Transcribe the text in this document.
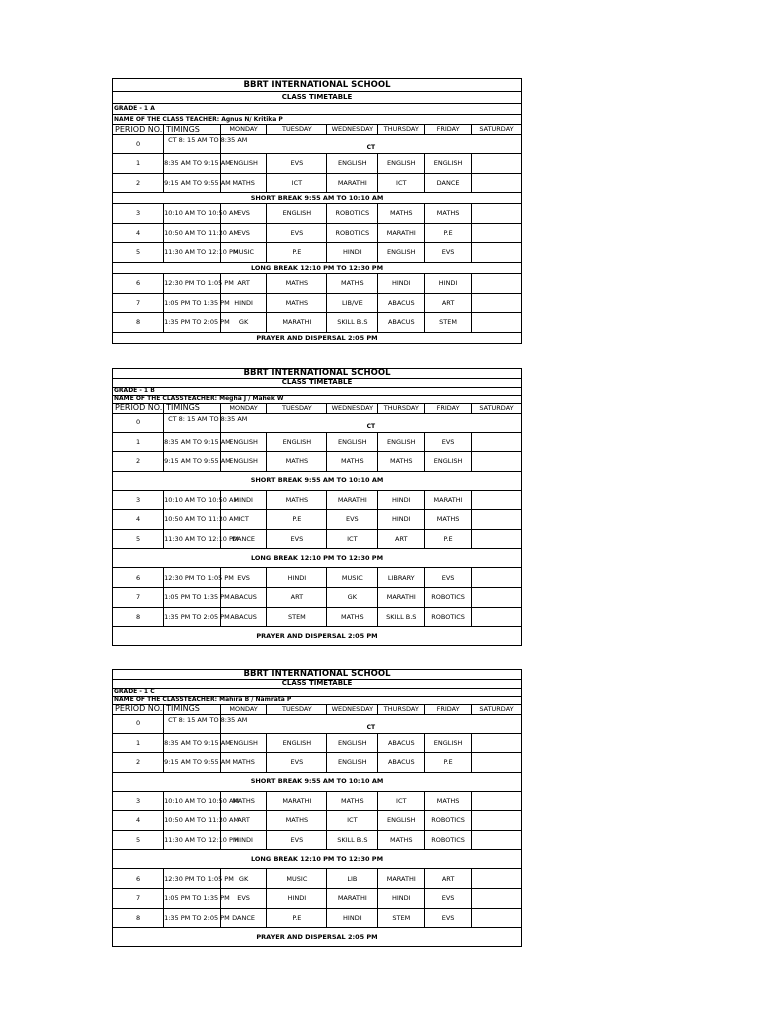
BBRT INTERNATIONAL SCHOOL							
CLASS TIMETABLE							
GRADE - 1 A							
NAME OF THE CLASS TEACHER: Agnus N/ Kritika P							
PERIOD NO.	TIMINGS	MONDAY	TUESDAY	WEDNESDAY	THURSDAY	FRIDAY	SATURDAY
0	CT 8: 15 AM TO 8:35 AM	CT					

1	8:35 AM TO 9:15 AM	ENGLISH	EVS	ENGLISH	ENGLISH	ENGLISH	
2	9:15 AM TO 9:55 AM	MATHS	ICT	MARATHI	ICT	DANCE	
SHORT BREAK 9:55 AM TO 10:10 AM							
3	10:10 AM TO 10:50 AM	EVS	ENGLISH	ROBOTICS	MATHS	MATHS	
4	10:50 AM TO 11:30 AM	EVS	EVS	ROBOTICS	MARATHI	P.E	
5	11:30 AM TO 12:10 PM	MUSIC	P.E	HINDI	ENGLISH	EVS	
LONG BREAK 12:10 PM TO 12:30 PM							
6	12:30 PM TO 1:05 PM	ART	MATHS	MATHS	HINDI	HINDI	
7	1:05 PM TO 1:35 PM	HINDI	MATHS	LIB/VE	ABACUS	ART	
8	1:35 PM TO 2:05 PM	GK	MARATHI	SKILL B.S	ABACUS	STEM	
PRAYER AND DISPERSAL 2:05 PM							
BBRT INTERNATIONAL SCHOOL							
CLASS TIMETABLE							
GRADE - 1 B							
NAME OF THE CLASSTEACHER: Megha J / Mahek W							
PERIOD NO.	TIMINGS	MONDAY	TUESDAY	WEDNESDAY	THURSDAY	FRIDAY	SATURDAY
0	CT 8: 15 AM TO 8:35 AM	CT					

1	8:35 AM TO 9:15 AM	ENGLISH	ENGLISH	ENGLISH	ENGLISH	EVS	
2	9:15 AM TO 9:55 AM	ENGLISH	MATHS	MATHS	MATHS	ENGLISH	
SHORT BREAK 9:55 AM TO 10:10 AM							
3	10:10 AM TO 10:50 AM	HINDI	MATHS	MARATHI	HINDI	MARATHI	
4	10:50 AM TO 11:30 AM	ICT	P.E	EVS	HINDI	MATHS	
5	11:30 AM TO 12:10 PM	DANCE	EVS	ICT	ART	P.E	
LONG BREAK 12:10 PM TO 12:30 PM							
6	12:30 PM TO 1:05 PM	EVS	HINDI	MUSIC	LIBRARY	EVS	
7	1:05 PM TO 1:35 PM	ABACUS	ART	GK	MARATHI	ROBOTICS	
8	1:35 PM TO 2:05 PM	ABACUS	STEM	MATHS	SKILL B.S	ROBOTICS	
PRAYER AND DISPERSAL 2:05 PM							
BBRT INTERNATIONAL SCHOOL							
CLASS TIMETABLE							
GRADE - 1 C							
NAME OF THE CLASSTEACHER: Mahira B / Namrata P							
PERIOD NO.	TIMINGS	MONDAY	TUESDAY	WEDNESDAY	THURSDAY	FRIDAY	SATURDAY
0	CT 8: 15 AM TO 8:35 AM	CT					

1	8:35 AM TO 9:15 AM	ENGLISH	ENGLISH	ENGLISH	ABACUS	ENGLISH	
2	9:15 AM TO 9:55 AM	MATHS	EVS	ENGLISH	ABACUS	P.E	
SHORT BREAK 9:55 AM TO 10:10 AM							
3	10:10 AM TO 10:50 AM	MATHS	MARATHI	MATHS	ICT	MATHS	
4	10:50 AM TO 11:30 AM	ART	MATHS	ICT	ENGLISH	ROBOTICS	
5	11:30 AM TO 12:10 PM	HINDI	EVS	SKILL B.S	MATHS	ROBOTICS	
LONG BREAK 12:10 PM TO 12:30 PM							
6	12:30 PM TO 1:05 PM	GK	MUSIC	LIB	MARATHI	ART	
7	1:05 PM TO 1:35 PM	EVS	HINDI	MARATHI	HINDI	EVS	
8	1:35 PM TO 2:05 PM	DANCE	P.E	HINDI	STEM	EVS	
PRAYER AND DISPERSAL 2:05 PM							
